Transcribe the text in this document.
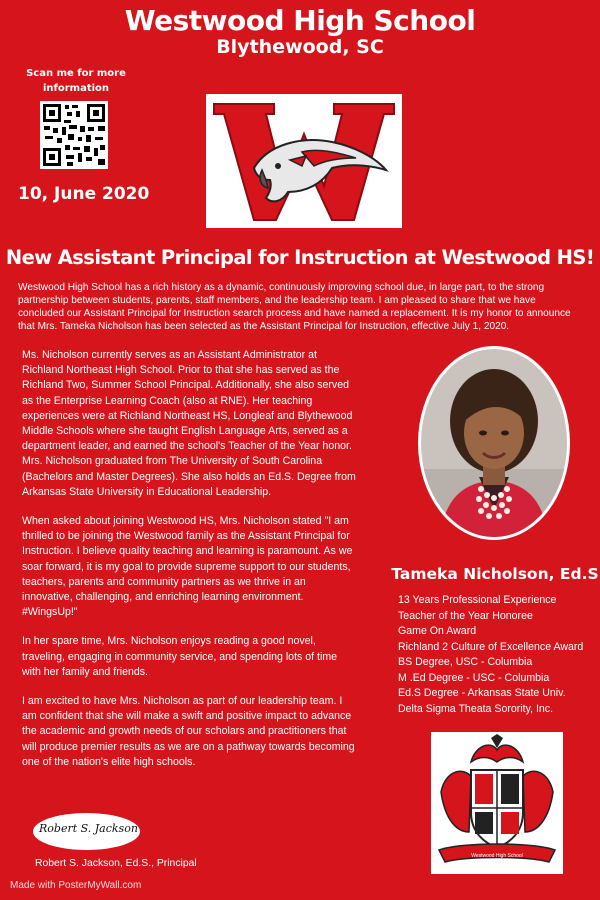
Westwood High School
Blythewood, SC
Scan me for more information
10, June 2020
New Assistant Principal for Instruction at Westwood HS!
Westwood High School has a rich history as a dynamic, continuously improving school due, in large part, to the strong partnership between students, parents, staff members, and the leadership team. I am pleased to share that we have concluded our Assistant Principal for Instruction search process and have named a replacement. It is my honor to announce that Mrs. Tameka Nicholson has been selected as the Assistant Principal for Instruction, effective July 1, 2020.

Ms. Nicholson currently serves as an Assistant Administrator at Richland Northeast High School. Prior to that she has served as the Richland Two, Summer School Principal. Additionally, she also served as the Enterprise Learning Coach (also at RNE). Her teaching experiences were at Richland Northeast HS, Longleaf and Blythewood Middle Schools where she taught English Language Arts, served as a department leader, and earned the school's Teacher of the Year honor. Mrs. Nicholson graduated from The University of South Carolina (Bachelors and Master Degrees). She also holds an Ed.S. Degree from Arkansas State University in Educational Leadership.

When asked about joining Westwood HS, Mrs. Nicholson stated "I am thrilled to be joining the Westwood family as the Assistant Principal for Instruction. I believe quality teaching and learning is paramount. As we soar forward, it is my goal to provide supreme support to our students, teachers, parents and community partners as we thrive in an innovative, challenging, and enriching learning environment. #WingsUp!"

In her spare time, Mrs. Nicholson enjoys reading a good novel, traveling, engaging in community service, and spending lots of time with her family and friends.

I am excited to have Mrs. Nicholson as part of our leadership team. I am confident that she will make a swift and positive impact to advance the academic and growth needs of our scholars and practitioners that will produce premier results as we are on a pathway towards becoming one of the nation's elite high schools.

Tameka Nicholson, Ed.S
13 Years Professional Experience
Teacher of the Year Honoree
Game On Award
Richland 2 Culture of Excellence Award
BS Degree, USC - Columbia
M .Ed Degree - USC - Columbia
Ed.S Degree - Arkansas State Univ.
Delta Sigma Theata Sorority, Inc.
Westwood High School
Robert S. Jackson
Robert S. Jackson, Ed.S., Principal
Made with PosterMyWall.com
